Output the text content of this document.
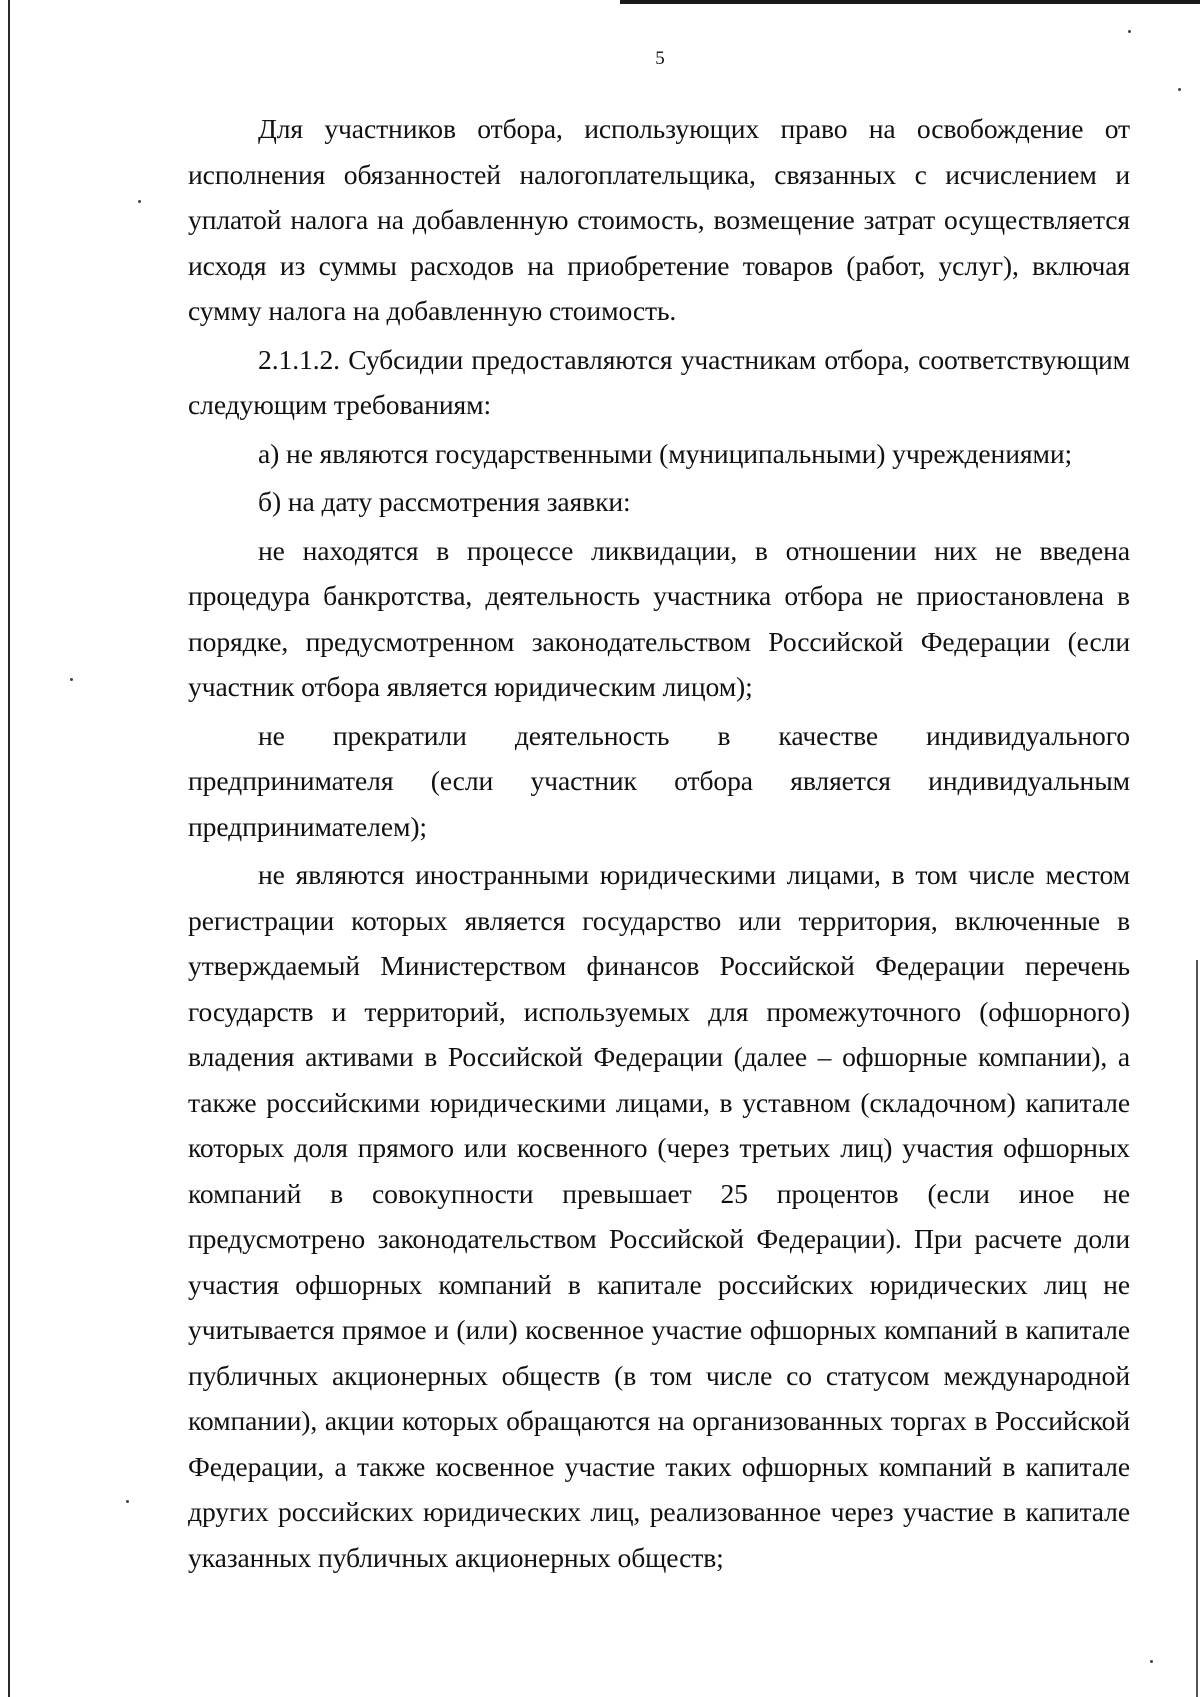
5

Для участников отбора, использующих право на освобождение от исполнения обязанностей налогоплательщика, связанных с исчислением и уплатой налога на добавленную стоимость, возмещение затрат осуществляется исходя из суммы расходов на приобретение товаров (работ, услуг), включая сумму налога на добавленную стоимость.

2.1.1.2. Субсидии предоставляются участникам отбора, соответствующим следующим требованиям:

а) не являются государственными (муниципальными) учреждениями;

б) на дату рассмотрения заявки:

не находятся в процессе ликвидации, в отношении них не введена процедура банкротства, деятельность участника отбора не приостановлена в порядке, предусмотренном законодательством Российской Федерации (если участник отбора является юридическим лицом);

не прекратили деятельность в качестве индивидуального предпринимателя (если участник отбора является индивидуальным предпринимателем);

не являются иностранными юридическими лицами, в том числе местом регистрации которых является государство или территория, включенные в утверждаемый Министерством финансов Российской Федерации перечень государств и территорий, используемых для промежуточного (офшорного) владения активами в Российской Федерации (далее – офшорные компании), а также российскими юридическими лицами, в уставном (складочном) капитале которых доля прямого или косвенного (через третьих лиц) участия офшорных компаний в совокупности превышает 25 процентов (если иное не предусмотрено законодательством Российской Федерации). При расчете доли участия офшорных компаний в капитале российских юридических лиц не учитывается прямое и (или) косвенное участие офшорных компаний в капитале публичных акционерных обществ (в том числе со статусом международной компании), акции которых обращаются на организованных торгах в Российской Федерации, а также косвенное участие таких офшорных компаний в капитале других российских юридических лиц, реализованное через участие в капитале указанных публичных акционерных обществ;
